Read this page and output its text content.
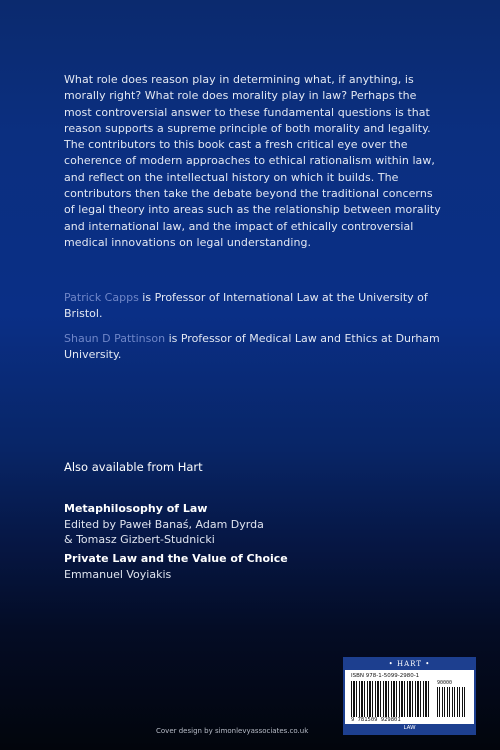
What role does reason play in determining what, if anything, is morally right? What role does morality play in law? Perhaps the most controversial answer to these fundamental questions is that reason supports a supreme principle of both morality and legality. The contributors to this book cast a fresh critical eye over the coherence of modern approaches to ethical rationalism within law, and reflect on the intellectual history on which it builds. The contributors then take the debate beyond the traditional concerns of legal theory into areas such as the relationship between morality and international law, and the impact of ethically controversial medical innovations on legal understanding.

Patrick Capps is Professor of International Law at the University of Bristol.
Shaun D Pattinson is Professor of Medical Law and Ethics at Durham University.
Also available from Hart
Metaphilosophy of Law
Edited by Paweł Banaś, Adam Dyrda
& Tomasz Gizbert-Studnicki
Private Law and the Value of Choice
Emmanuel Voyiakis
Cover design by simonlevyassociates.co.uk
• HART •
ISBN 978-1-5099-2980-1
90000
9 781509 929801
LAW
